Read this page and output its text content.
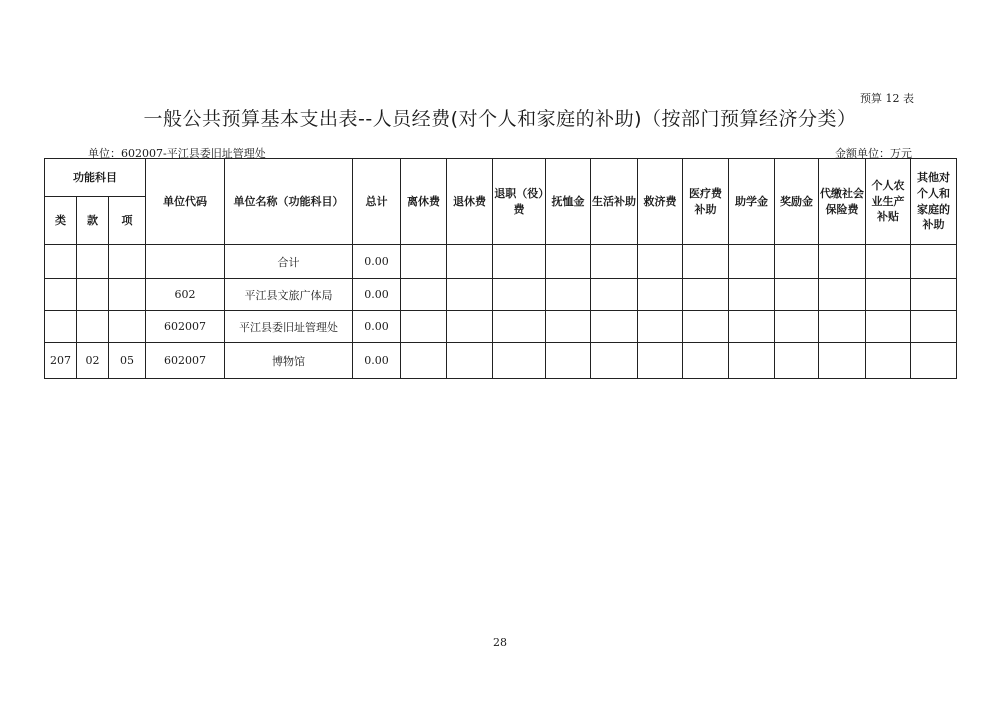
预算 12 表
一般公共预算基本支出表--人员经费(对个人和家庭的补助)（按部门预算经济分类）
单位：602007-平江县委旧址管理处	金额单位：万元
功能科目			单位代码	单位名称（功能科目）	总计	离休费	退休费	退职（役）费	抚恤金	生活补助	救济费	医疗费补助	助学金	奖励金	代缴社会保险费	个人农业生产补贴	其他对个人和家庭的补助
类	款	项															
				合计	0.00												
			602	平江县文旅广体局	0.00												
			602007	平江县委旧址管理处	0.00												
207	02	05	602007	博物馆	0.00												
28
